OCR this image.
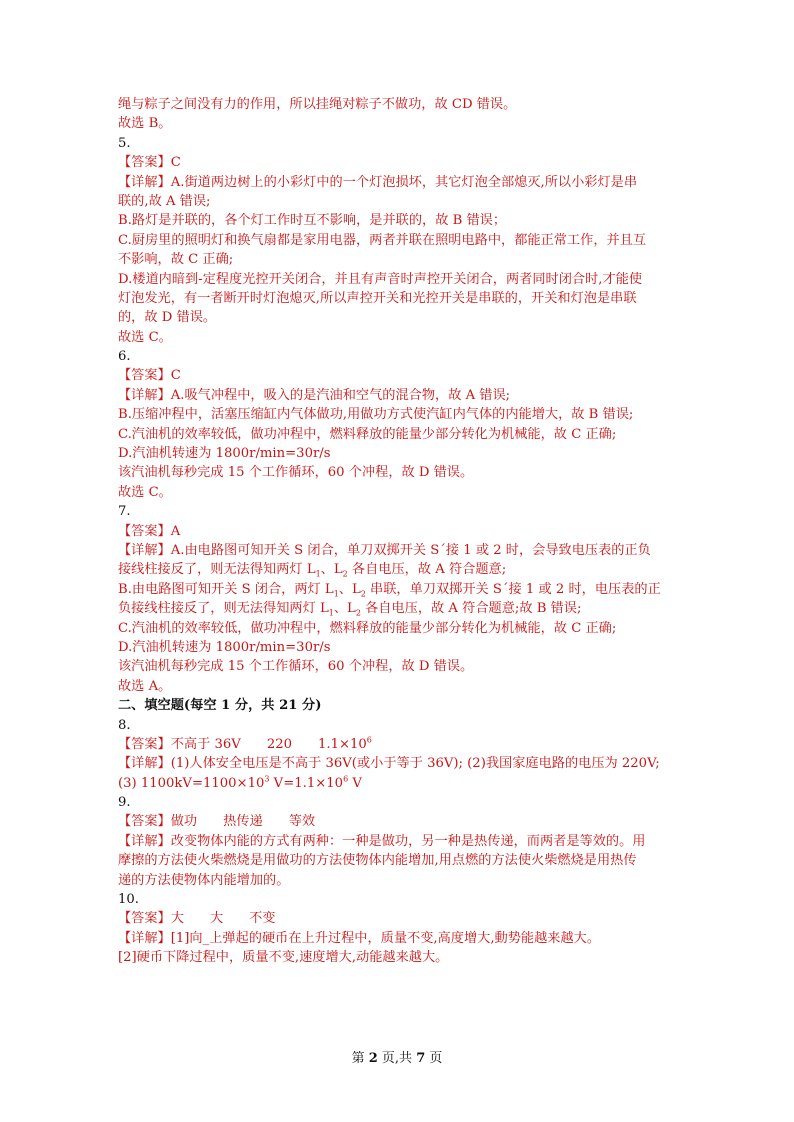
绳与粽子之间没有力的作用，所以挂绳对粽子不做功，故 CD 错误。
故选 B。
5.
【答案】C
【详解】A.街道两边树上的小彩灯中的一个灯泡损坏，其它灯泡全部熄灭,所以小彩灯是串
联的,故 A 错误;
B.路灯是并联的，各个灯工作时互不影响，是并联的，故 B 错误；
C.厨房里的照明灯和换气扇都是家用电器，两者并联在照明电路中，都能正常工作，并且互
不影响，故 C 正确;
D.楼道内暗到-定程度光控开关闭合，并且有声音时声控开关闭合，两者同时闭合时,才能使
灯泡发光，有一者断开时灯泡熄灭,所以声控开关和光控开关是串联的，开关和灯泡是串联
的，故 D 错误。
故选 C。
6.
【答案】C
【详解】A.吸气冲程中，吸入的是汽油和空气的混合物，故 A 错误;
B.压缩冲程中，活塞压缩缸内气体做功,用做功方式使汽缸内气体的内能增大，故 B 错误;
C.汽油机的效率较低，做功冲程中，燃料释放的能量少部分转化为机械能，故 C 正确;
D.汽油机转速为 1800r/min=30r/s
该汽油机每秒完成 15 个工作循环，60 个冲程，故 D 错误。
故选 C。
7.
【答案】A
【详解】A.由电路图可知开关 S 闭合，单刀双掷开关 S´接 1 或 2 时，会导致电压表的正负
接线柱接反了，则无法得知两灯 $L_1$、$L_2$ 各自电压，故 A 符合题意;
B.由电路图可知开关 S 闭合，两灯 $L_1$、$L_2$ 串联，单刀双掷开关 S´接 1 或 2 时，电压表的正
负接线柱接反了，则无法得知两灯 $L_1$、$L_2$ 各自电压，故 A 符合题意;故 B 错误;
C.汽油机的效率较低，做功冲程中，燃料释放的能量少部分转化为机械能，故 C 正确;
D.汽油机转速为 1800r/min=30r/s
该汽油机每秒完成 15 个工作循环，60 个冲程，故 D 错误。
故选 A。
二、填空题(每空 1 分，共 21 分)
8.
【答案】不高于 36V 220 $1.1\times 10^6$
【详解】(1)人体安全电压是不高于 36V(或小于等于 36V); (2)我国家庭电路的电压为 220V;
(3) $1100kV=1100\times 10^3$ $V=1.1\times 10^6$ V
9.
【答案】做功 热传递 等效
【详解】改变物体内能的方式有两种：一种是做功，另一种是热传递，而两者是等效的。用
摩擦的方法使火柴燃烧是用做功的方法使物体内能增加,用点燃的方法使火柴燃烧是用热传
递的方法使物体内能增加的。
10.
【答案】大 大 不变
【详解】[1]向_上弹起的硬币在上升过程中，质量不变,高度增大,動势能越来越大。
[2]硬币下降过程中，质量不变,速度增大,动能越来越大。
第 2 页,共 7 页
